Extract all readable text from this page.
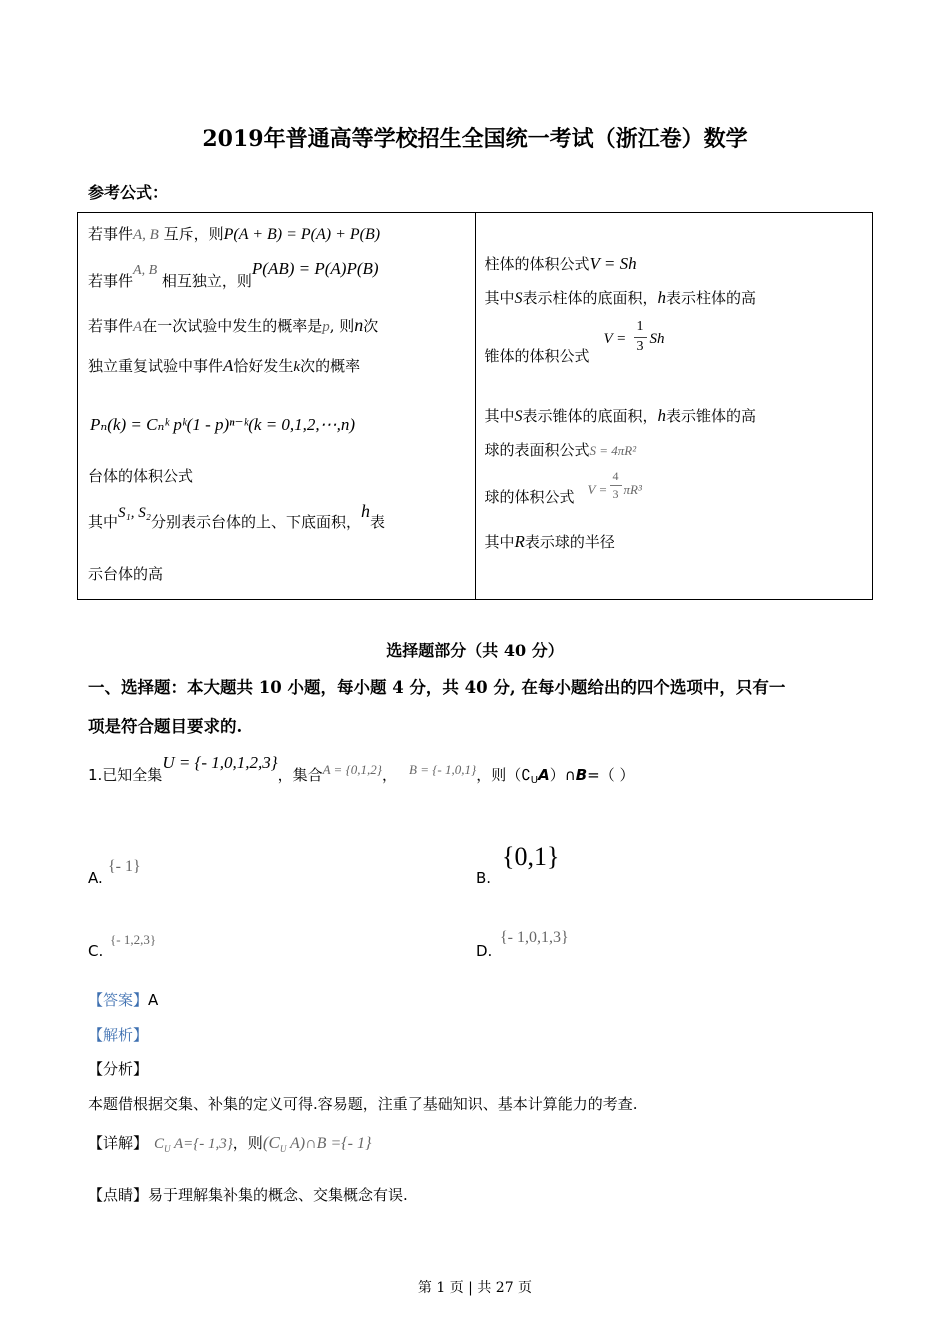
2019年普通高等学校招生全国统一考试（浙江卷）数学
参考公式：
若事件A, B 互斥，则P(A + B) = P(A) + P(B)
若事件A, B 相互独立，则P(AB) = P(A)P(B)
若事件A在一次试验中发生的概率是p, 则n次
独立重复试验中事件A恰好发生k次的概率
Pₙ(k) = Cₙᵏ pᵏ(1 - p)ⁿ⁻ᵏ(k = 0,1,2,⋯,n)
台体的体积公式
其中S₁, S₂分别表示台体的上、下底面积，h表
示台体的高

柱体的体积公式V = Sh
其中S表示柱体的底面积，h表示柱体的高
锥体的体积公式
V =
1
3 Sh
其中S表示锥体的底面积，h表示锥体的高
球的表面积公式S = 4πR²
球的体积公式 V =
4
3 πR³
其中R表示球的半径
选择题部分（共 40 分）
一、选择题：本大题共 10 小题，每小题 4 分，共 40 分, 在每小题给出的四个选项中，只有一
项是符合题目要求的.
1.已知全集U = {- 1,0,1,2,3}，集合A = {0,1,2}， B = {- 1,0,1}，则$(∁_UA)\cap B=$（ ）
A.
{- 1}
B.
{0,1}
C.
{- 1,2,3}
D.
{- 1,0,1,3}
【答案】A
【解析】
【分析】
本题借根据交集、补集的定义可得.容易题，注重了基础知识、基本计算能力的考查.
【详解】 $C_U$ A={- 1,3}，则($C_U$ A)∩B ={- 1}
【点睛】易于理解集补集的概念、交集概念有误.
第 1 页 | 共 27 页
